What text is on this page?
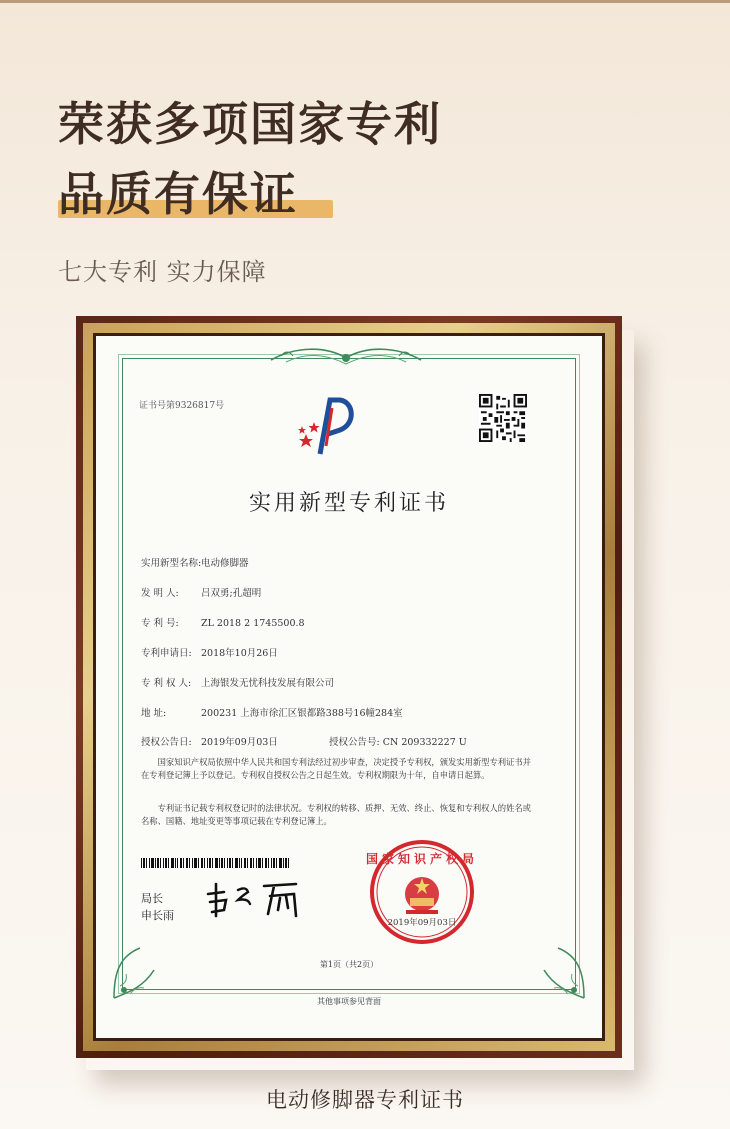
荣获多项国家专利
品质有保证
七大专利 实力保障
证书号第9326817号
实用新型专利证书
实用新型名称:电动修脚器
发 明 人: 吕双勇;孔超明
专 利 号: ZL 2018 2 1745500.8
专利申请日: 2018年10月26日
专 利 权 人: 上海银发无忧科技发展有限公司
地 址:	200231 上海市徐汇区银都路388号16幢284室
授权公告日: 2019年09月03日	授权公告号: CN 209332227 U
国家知识产权局依照中华人民共和国专利法经过初步审查，决定授予专利权，颁发实用新型专利证书并在专利登记簿上予以登记。专利权自授权公告之日起生效。专利权期限为十年，自申请日起算。
专利证书记载专利权登记时的法律状况。专利权的转移、质押、无效、终止、恢复和专利权人的姓名或名称、国籍、地址变更等事项记载在专利登记簿上。
局长
申长雨
国家知识产权局
2019年09月03日
第1页（共2页）
其他事项参见背面
电动修脚器专利证书
